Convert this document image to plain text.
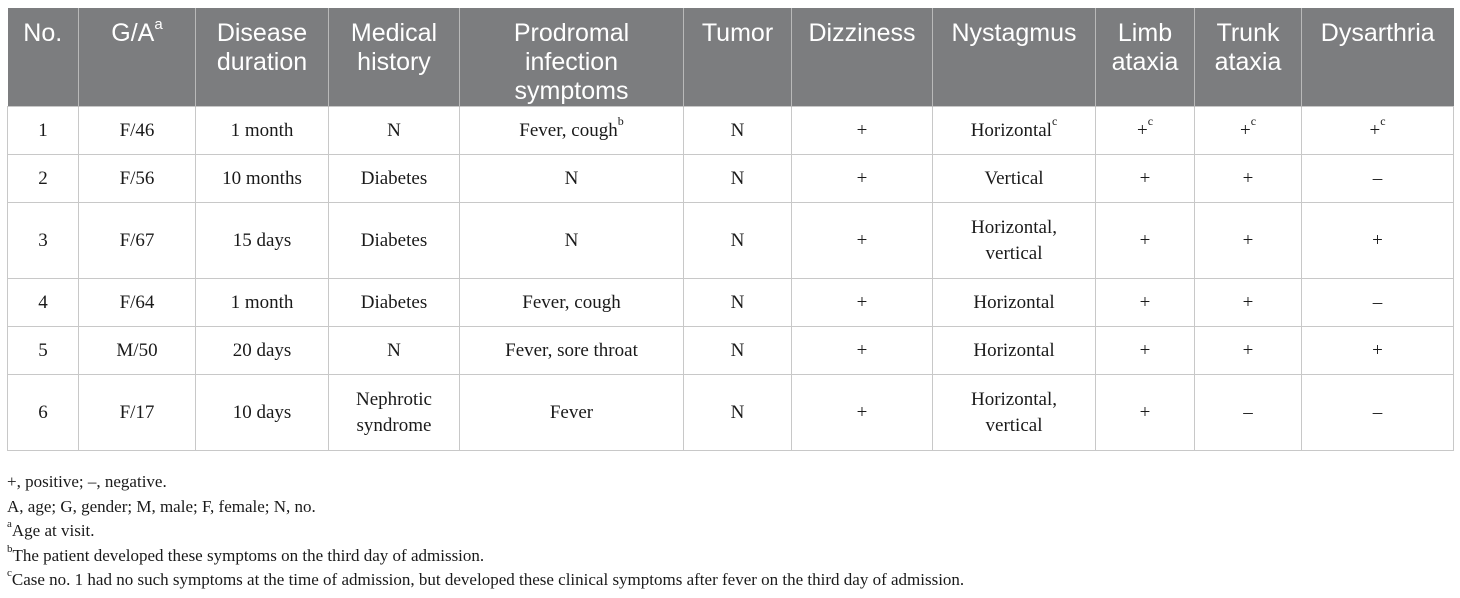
No.	$G/A^a$	Disease duration	Medical history	Prodromal infection symptoms	Tumor	Dizziness	Nystagmus	Limb ataxia	Trunk ataxia	Dysarthria
1	F/46	1 month	N	Fever, cough$^b$	N	+	Horizontal$^c$	+$^c$	+$^c$	+$^c$
2	F/56	10 months	Diabetes	N	N	+	Vertical	+	+	–
3	F/67	15 days	Diabetes	N	N	+	Horizontal, vertical	+	+	+
4	F/64	1 month	Diabetes	Fever, cough	N	+	Horizontal	+	+	–
5	M/50	20 days	N	Fever, sore throat	N	+	Horizontal	+	+	+
6	F/17	10 days	Nephrotic syndrome	Fever	N	+	Horizontal, vertical	+	–	–
+, positive; –, negative.
A, age; G, gender; M, male; F, female; N, no.
$^a$Age at visit.
$^b$The patient developed these symptoms on the third day of admission.
$^c$Case no. 1 had no such symptoms at the time of admission, but developed these clinical symptoms after fever on the third day of admission.
